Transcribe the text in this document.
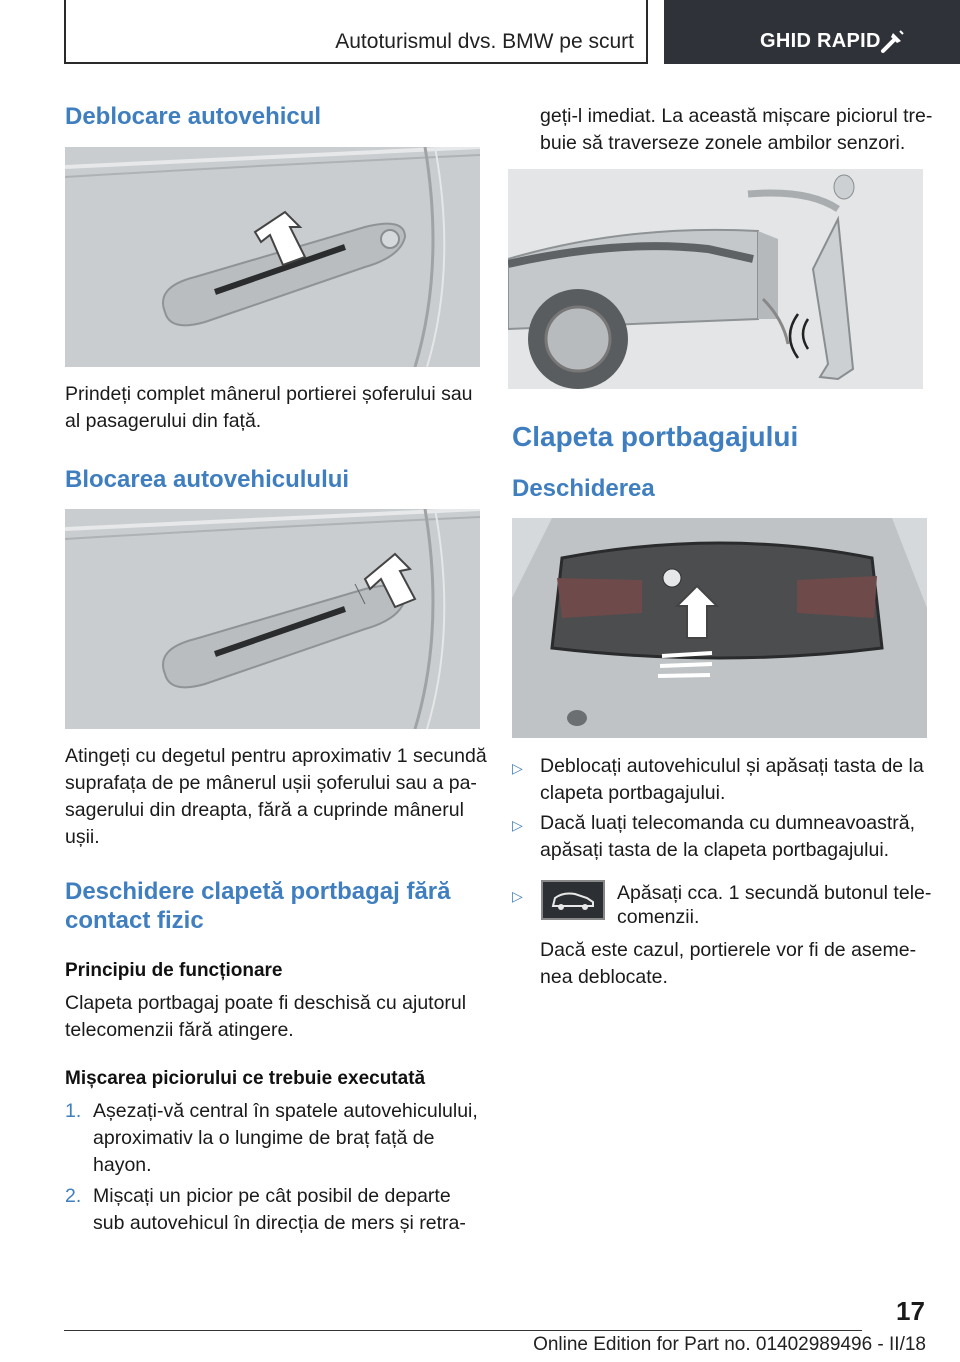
Autoturismul dvs. BMW pe scurt	GHID RAPID
Deblocare autovehicul
Prindeți complet mânerul portierei șoferului sau
al pasagerului din față.
Blocarea autovehiculului
Atingeți cu degetul pentru aproximativ 1 secundă
suprafața de pe mânerul ușii șoferului sau a pa‐
sagerului din dreapta, fără a cuprinde mânerul
ușii.
Deschidere clapetă portbagaj fără
contact fizic
Principiu de funcționare
Clapeta portbagaj poate fi deschisă cu ajutorul
telecomenzii fără atingere.
Mișcarea piciorului ce trebuie executată
1. Așezați-vă central în spatele autovehiculului,
aproximativ la o lungime de braț față de
hayon.
2. Mișcați un picior pe cât posibil de departe
sub autovehicul în direcția de mers și retra‐
geți-l imediat. La această mișcare piciorul tre‐
buie să traverseze zonele ambilor senzori.
Clapeta portbagajului
Deschiderea
▷ Deblocați autovehiculul și apăsați tasta de la
clapeta portbagajului.
▷ Dacă luați telecomanda cu dumneavoastră,
apăsați tasta de la clapeta portbagajului.
▷	Apăsați cca. 1 secundă butonul tele‐
comenzii.
Dacă este cazul, portierele vor fi de aseme‐
nea deblocate.
17
Online Edition for Part no. 01402989496 - II/18
